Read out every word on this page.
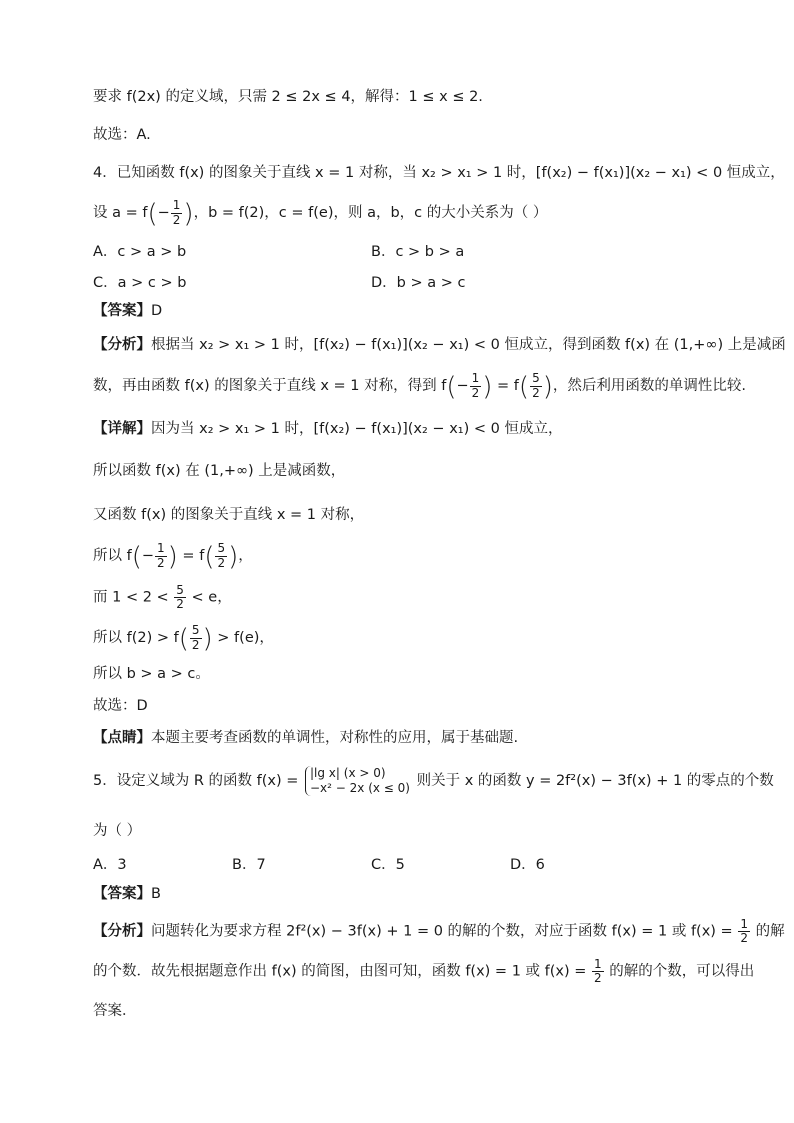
要求 f(2x) 的定义域，只需 2 ≤ 2x ≤ 4，解得：1 ≤ x ≤ 2.
故选：A.
4．已知函数 f(x) 的图象关于直线 x = 1 对称，当 x₂ > x₁ > 1 时，[f(x₂) − f(x₁)](x₂ − x₁) < 0 恒成立，
设 $a = f(- \frac{1}{2}$ )，b = f(2)，c = f(e)，则 a，b，c 的大小关系为（ ）
A．c > a > b	B．c > b > a
C．a > c > b	D．b > a > c
【答案】D
【分析】根据当 x₂ > x₁ > 1 时，[f(x₂) − f(x₁)](x₂ − x₁) < 0 恒成立，得到函数 f(x) 在 (1,+∞) 上是减函
数，再由函数 f(x) 的图象关于直线 x = 1 对称，得到 $f(- \frac{1}{2}$ ) = $f( \frac{5}{2}$ )，然后利用函数的单调性比较.
【详解】因为当 x₂ > x₁ > 1 时，[f(x₂) − f(x₁)](x₂ − x₁) < 0 恒成立，
所以函数 f(x) 在 (1,+∞) 上是减函数，
又函数 f(x) 的图象关于直线 x = 1 对称，
所以 $f(- \frac{1}{2}$ ) = $f( \frac{5}{2}$ )，
而 $1 < 2 < \frac{5}{2} < e$，
所以 $f(2) > f( \frac{5}{2}$ ) > f(e)，
所以 b > a > c。
故选：D
【点睛】本题主要考查函数的单调性，对称性的应用，属于基础题.
5．设定义域为 R 的函数 f(x) = |lg x| (x > 0)
−x² − 2x (x ≤ 0) 则关于 x 的函数 y = 2f²(x) − 3f(x) + 1 的零点的个数
为（ ）
A．3	B．7	C．5	D．6
【答案】B
【分析】问题转化为要求方程 2f²(x) − 3f(x) + 1 = 0 的解的个数，对应于函数 f(x) = 1 或 $f(x) = \frac{1}{2}$ 的解
的个数．故先根据题意作出 f(x) 的简图，由图可知，函数 f(x) = 1 或 $f(x) = \frac{1}{2}$ 的解的个数，可以得出
答案．
